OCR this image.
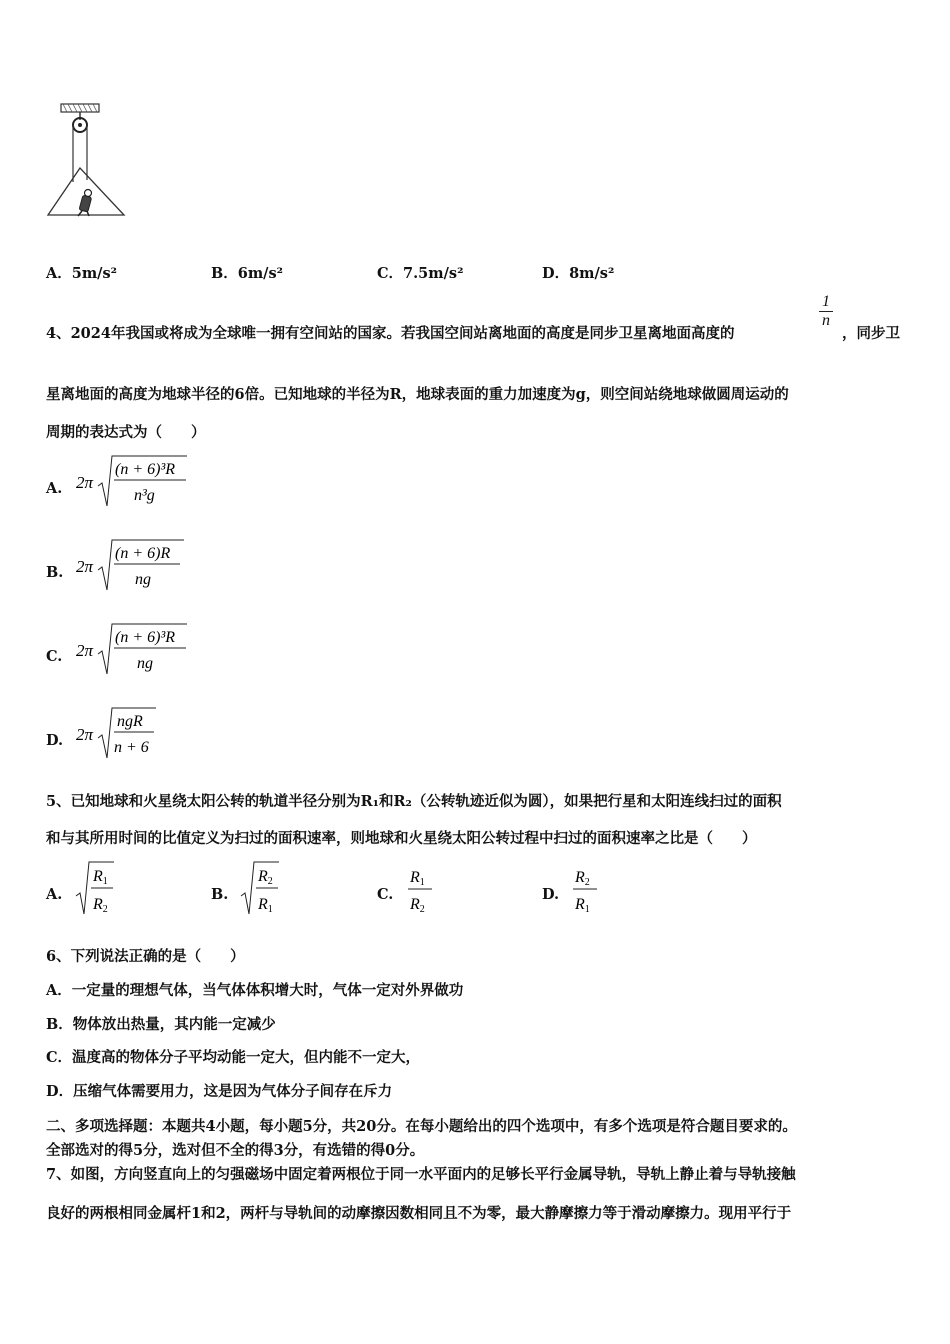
A．5m/s²	B．6m/s²	C．7.5m/s²	D．8m/s²
4、2024年我国或将成为全球唯一拥有空间站的国家。若我国空间站离地面的高度是同步卫星离地面高度的
$\frac{1}{n}$
，同步卫
星离地面的高度为地球半径的6倍。已知地球的半径为R，地球表面的重力加速度为g，则空间站绕地球做圆周运动的
周期的表达式为（　　）
A. 2π
(n + 6)³R
n³g
B. 2π
(n + 6)R
ng
C. 2π
(n + 6)³R
ng
D. 2π
ngR
n + 6
5、已知地球和火星绕太阳公转的轨道半径分别为R₁和R₂（公转轨迹近似为圆），如果把行星和太阳连线扫过的面积
和与其所用时间的比值定义为扫过的面积速率，则地球和火星绕太阳公转过程中扫过的面积速率之比是（　　）
A.
R1
R2
B.
R2
R1
C.
R1
R2
D.
R2
R1
6、下列说法正确的是（　　）
A．一定量的理想气体，当气体体积增大时，气体一定对外界做功
B．物体放出热量，其内能一定减少
C．温度高的物体分子平均动能一定大，但内能不一定大，
D．压缩气体需要用力，这是因为气体分子间存在斥力
二、多项选择题：本题共4小题，每小题5分，共20分。在每小题给出的四个选项中，有多个选项是符合题目要求的。
全部选对的得5分，选对但不全的得3分，有选错的得0分。
7、如图，方向竖直向上的匀强磁场中固定着两根位于同一水平面内的足够长平行金属导轨，导轨上静止着与导轨接触
良好的两根相同金属杆1和2，两杆与导轨间的动摩擦因数相同且不为零，最大静摩擦力等于滑动摩擦力。现用平行于
